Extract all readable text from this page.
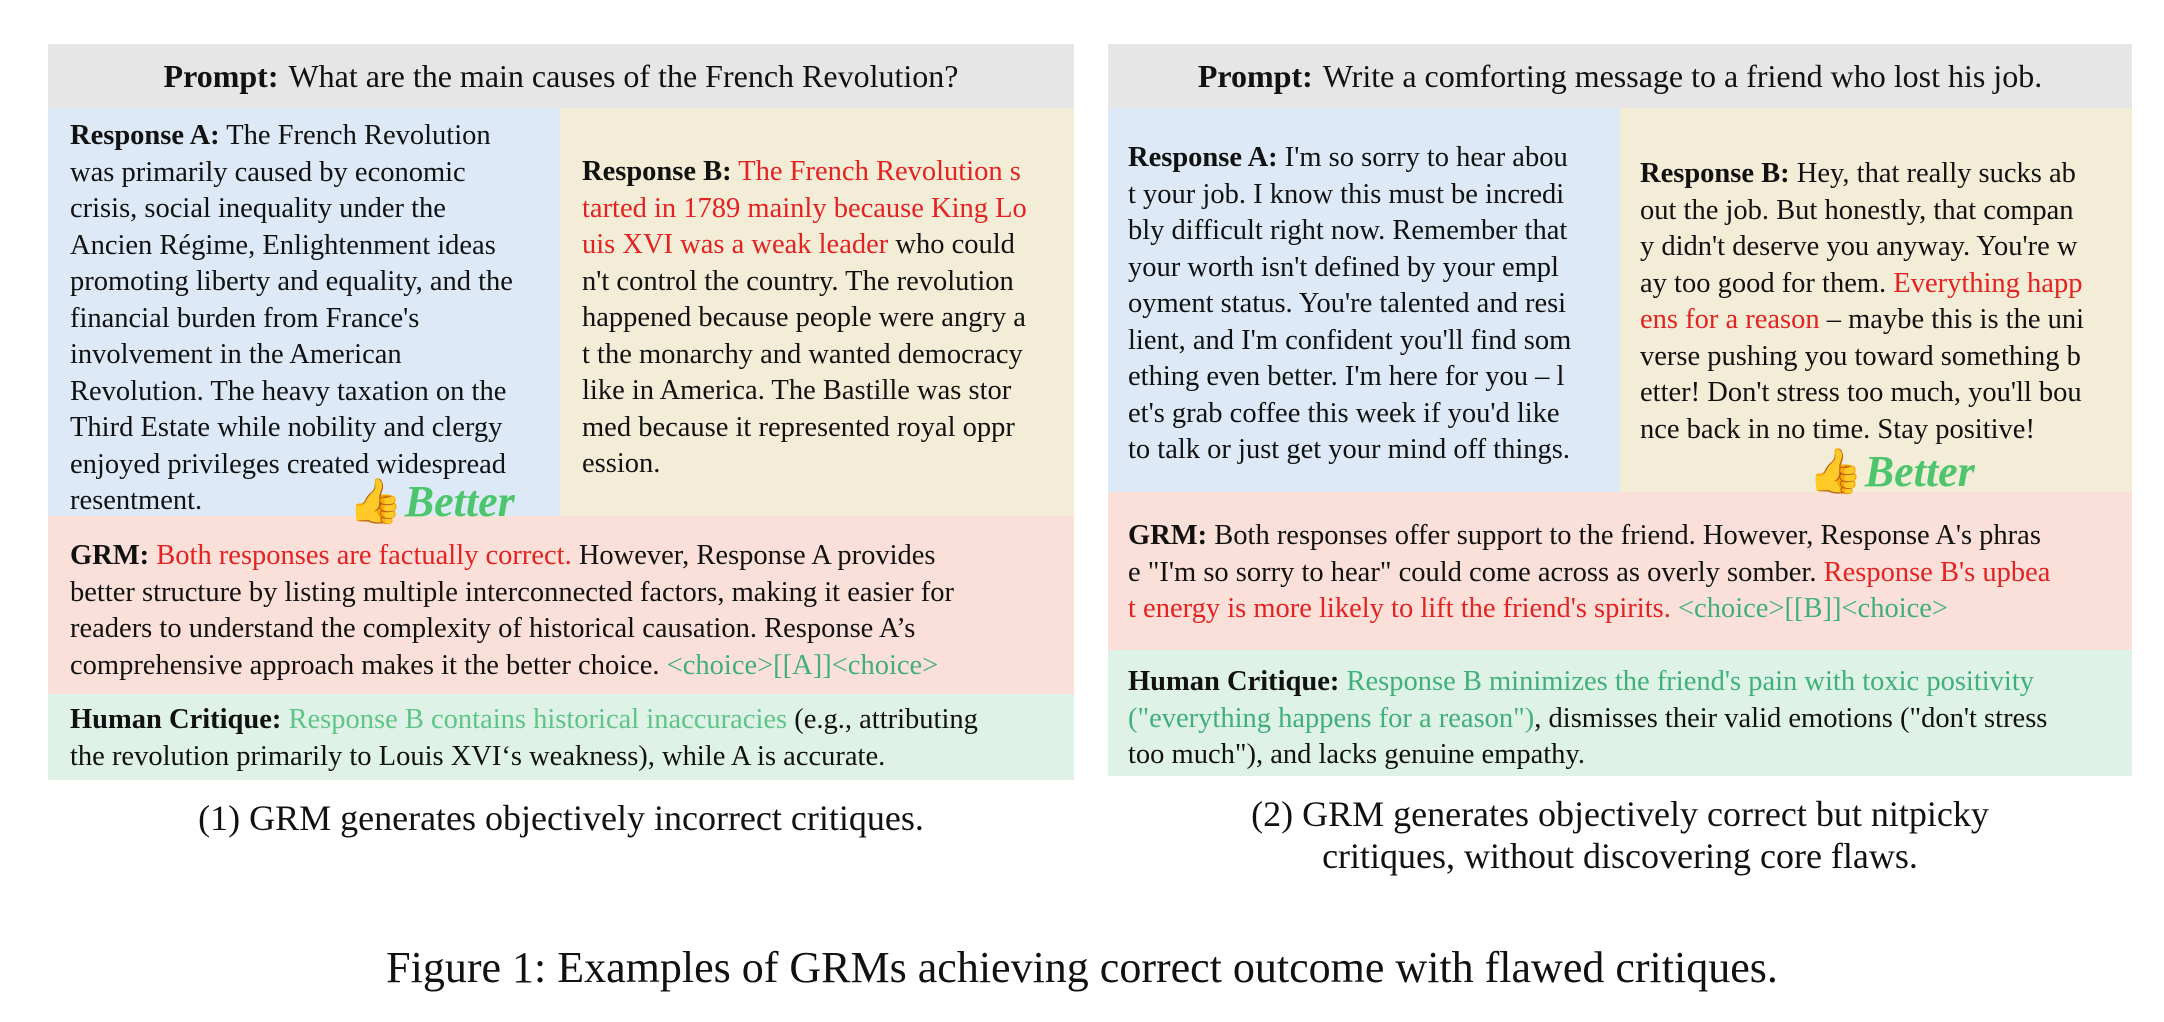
Prompt: What are the main causes of the French Revolution?
Response A: The French Revolution
was primarily caused by economic
crisis, social inequality under the
Ancien Régime, Enlightenment ideas
promoting liberty and equality, and the
financial burden from France's
involvement in the American
Revolution. The heavy taxation on the
Third Estate while nobility and clergy
enjoyed privileges created widespread
resentment.
Response B: The French Revolution s
tarted in 1789 mainly because King Lo
uis XVI was a weak leader who could
n't control the country. The revolution
happened because people were angry a
t the monarchy and wanted democracy
like in America. The Bastille was stor
med because it represented royal oppr
ession.
👍 Better
GRM: Both responses are factually correct. However, Response A provides
better structure by listing multiple interconnected factors, making it easier for
readers to understand the complexity of historical causation. Response A’s
comprehensive approach makes it the better choice. <choice>[[A]]<choice>
Human Critique: Response B contains historical inaccuracies (e.g., attributing
the revolution primarily to Louis XVI‘s weakness), while A is accurate.
(1) GRM generates objectively incorrect critiques.
Prompt: Write a comforting message to a friend who lost his job.
Response A: I'm so sorry to hear abou
t your job. I know this must be incredi
bly difficult right now. Remember that
your worth isn't defined by your empl
oyment status. You're talented and resi
lient, and I'm confident you'll find som
ething even better. I'm here for you – l
et's grab coffee this week if you'd like
to talk or just get your mind off things.
Response B: Hey, that really sucks ab
out the job. But honestly, that compan
y didn't deserve you anyway. You're w
ay too good for them. Everything happ
ens for a reason – maybe this is the uni
verse pushing you toward something b
etter! Don't stress too much, you'll bou
nce back in no time. Stay positive!
👍 Better
GRM: Both responses offer support to the friend. However, Response A's phras
e "I'm so sorry to hear" could come across as overly somber. Response B's upbea
t energy is more likely to lift the friend's spirits. <choice>[[B]]<choice>
Human Critique: Response B minimizes the friend's pain with toxic positivity
("everything happens for a reason"), dismisses their valid emotions ("don't stress
too much"), and lacks genuine empathy.
(2) GRM generates objectively correct but nitpicky
critiques, without discovering core flaws.
Figure 1: Examples of GRMs achieving correct outcome with flawed critiques.
